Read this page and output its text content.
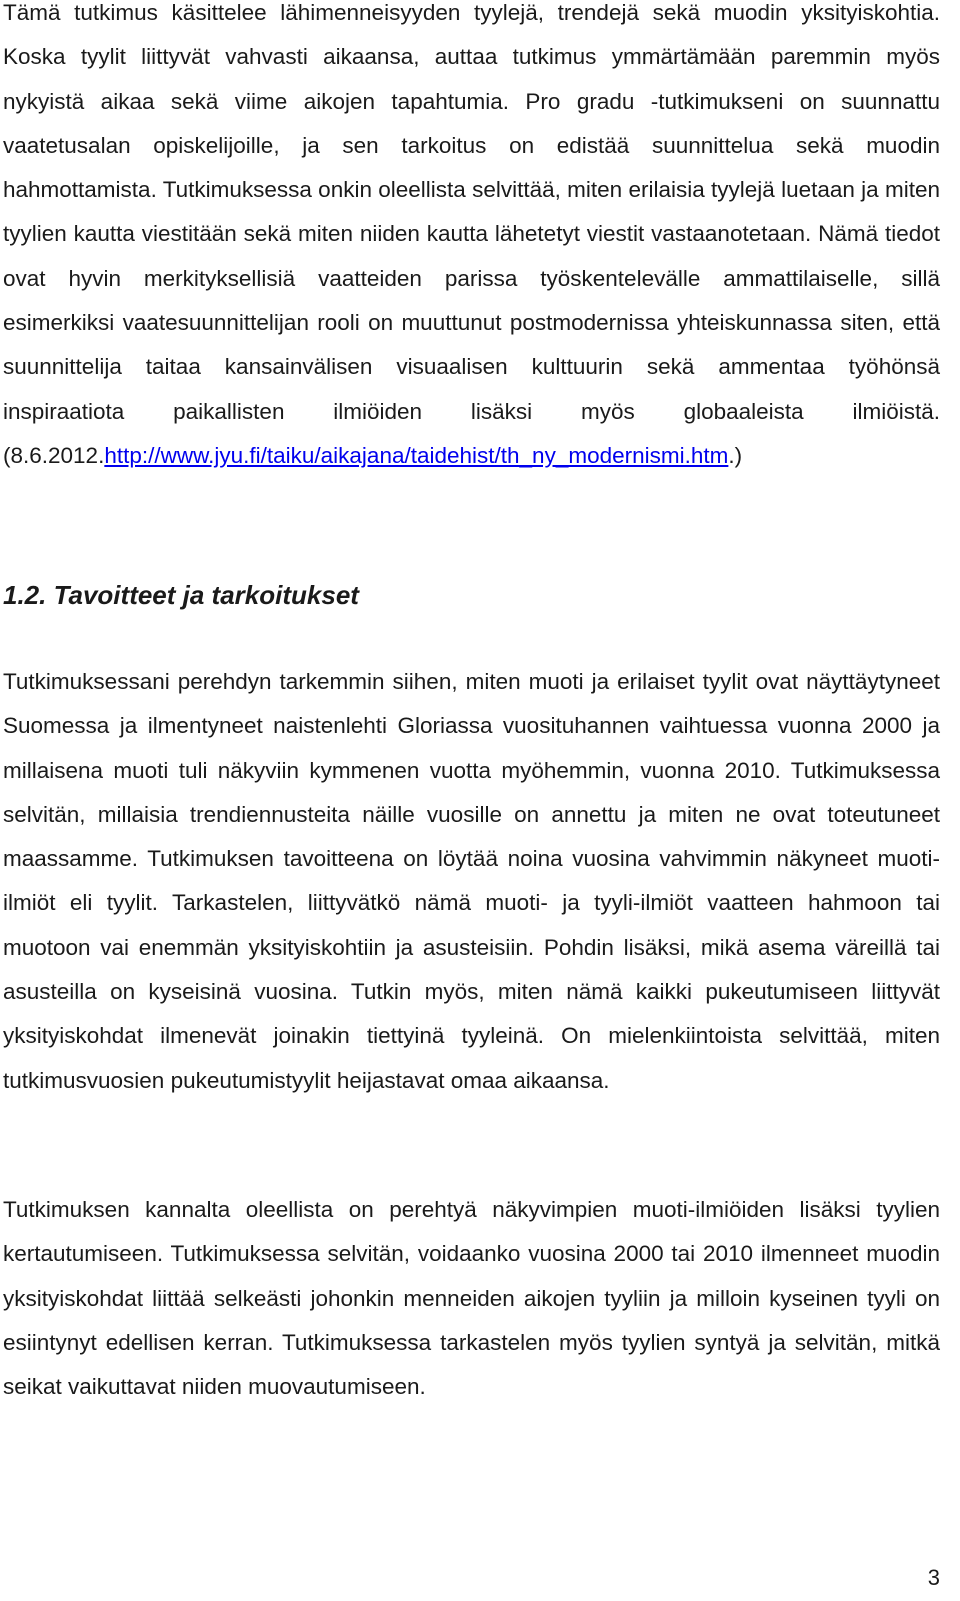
Tämä tutkimus käsittelee lähimenneisyyden tyylejä, trendejä sekä muodin yksityiskohtia. Koska tyylit liittyvät vahvasti aikaansa, auttaa tutkimus ymmärtämään paremmin myös nykyistä aikaa sekä viime aikojen tapahtumia. Pro gradu -tutkimukseni on suunnattu vaatetusalan opiskelijoille, ja sen tarkoitus on edistää suunnittelua sekä muodin hahmottamista. Tutkimuksessa onkin oleellista selvittää, miten erilaisia tyylejä luetaan ja miten tyylien kautta viestitään sekä miten niiden kautta lähetetyt viestit vastaanotetaan. Nämä tiedot ovat hyvin merkityksellisiä vaatteiden parissa työskentelevälle ammattilaiselle, sillä esimerkiksi vaatesuunnittelijan rooli on muuttunut postmodernissa yhteiskunnassa siten, että suunnittelija taitaa kansainvälisen visuaalisen kulttuurin sekä ammentaa työhönsä inspiraatiota paikallisten ilmiöiden lisäksi myös globaaleista ilmiöistä. (8.6.2012.http://www.jyu.fi/taiku/aikajana/taidehist/th_ny_modernismi.htm.)

1.2. Tavoitteet ja tarkoitukset

Tutkimuksessani perehdyn tarkemmin siihen, miten muoti ja erilaiset tyylit ovat näyttäytyneet Suomessa ja ilmentyneet naistenlehti Gloriassa vuosituhannen vaihtuessa vuonna 2000 ja millaisena muoti tuli näkyviin kymmenen vuotta myöhemmin, vuonna 2010. Tutkimuksessa selvitän, millaisia trendiennusteita näille vuosille on annettu ja miten ne ovat toteutuneet maassamme. Tutkimuksen tavoitteena on löytää noina vuosina vahvimmin näkyneet muoti-ilmiöt eli tyylit. Tarkastelen, liittyvätkö nämä muoti- ja tyyli-ilmiöt vaatteen hahmoon tai muotoon vai enemmän yksityiskohtiin ja asusteisiin. Pohdin lisäksi, mikä asema väreillä tai asusteilla on kyseisinä vuosina. Tutkin myös, miten nämä kaikki pukeutumiseen liittyvät yksityiskohdat ilmenevät joinakin tiettyinä tyyleinä. On mielenkiintoista selvittää, miten tutkimusvuosien pukeutumistyylit heijastavat omaa aikaansa.

Tutkimuksen kannalta oleellista on perehtyä näkyvimpien muoti-ilmiöiden lisäksi tyylien kertautumiseen. Tutkimuksessa selvitän, voidaanko vuosina 2000 tai 2010 ilmenneet muodin yksityiskohdat liittää selkeästi johonkin menneiden aikojen tyyliin ja milloin kyseinen tyyli on esiintynyt edellisen kerran. Tutkimuksessa tarkastelen myös tyylien syntyä ja selvitän, mitkä seikat vaikuttavat niiden muovautumiseen.

3
